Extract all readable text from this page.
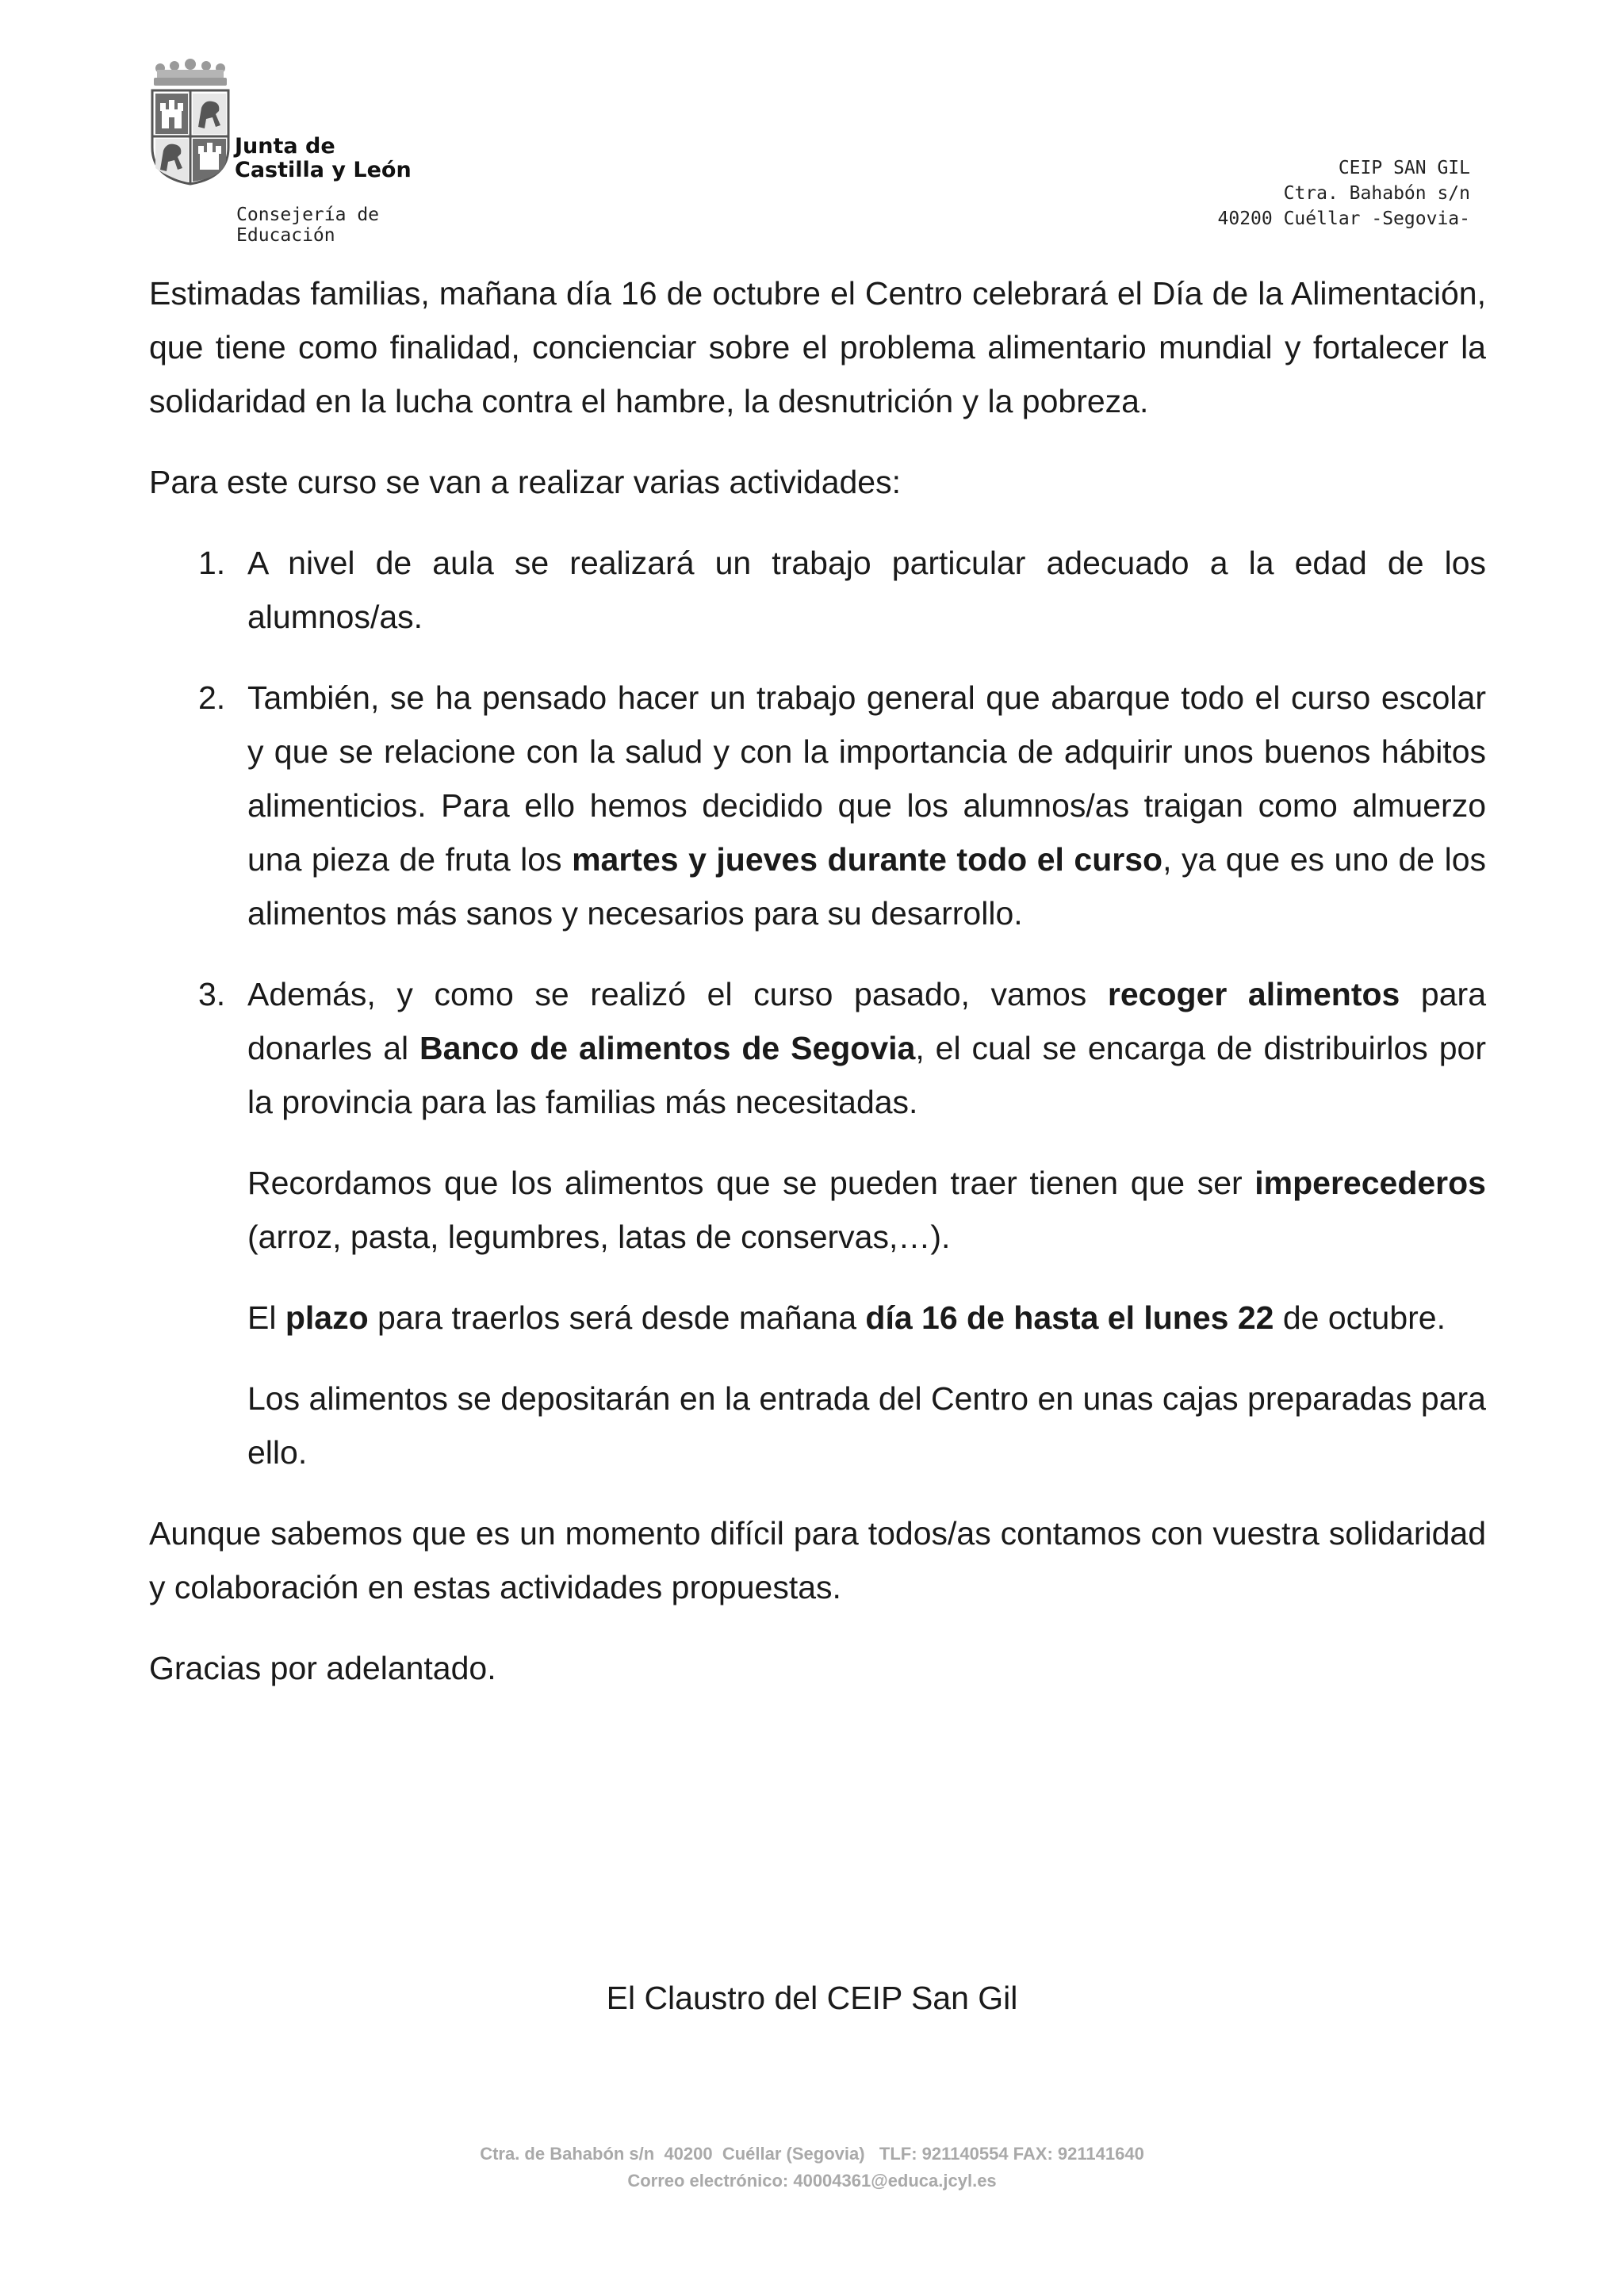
Junta de
Castilla y León
Consejería de Educación
CEIP SAN GIL
Ctra. Bahabón s/n
40200 Cuéllar -Segovia-

Estimadas familias, mañana día 16 de octubre el Centro celebrará el Día de la Alimentación, que tiene como finalidad, concienciar sobre el problema alimentario mundial y fortalecer la solidaridad en la lucha contra el hambre, la desnutrición y la pobreza.

Para este curso se van a realizar varias actividades:

1. A nivel de aula se realizará un trabajo particular adecuado a la edad de los alumnos/as.

2. También, se ha pensado hacer un trabajo general que abarque todo el curso escolar y que se relacione con la salud y con la importancia de adquirir unos buenos hábitos alimenticios. Para ello hemos decidido que los alumnos/as traigan como almuerzo una pieza de fruta los martes y jueves durante todo el curso, ya que es uno de los alimentos más sanos y necesarios para su desarrollo.

3. Además, y como se realizó el curso pasado, vamos recoger alimentos para donarles al Banco de alimentos de Segovia, el cual se encarga de distribuirlos por la provincia para las familias más necesitadas.

Recordamos que los alimentos que se pueden traer tienen que ser imperecederos (arroz, pasta, legumbres, latas de conservas,…).

El plazo para traerlos será desde mañana día 16 de hasta el lunes 22 de octubre.

Los alimentos se depositarán en la entrada del Centro en unas cajas preparadas para ello.

Aunque sabemos que es un momento difícil para todos/as contamos con vuestra solidaridad y colaboración en estas actividades propuestas.

Gracias por adelantado.

El Claustro del CEIP San Gil
Ctra. de Bahabón s/n  40200  Cuéllar (Segovia)   TLF: 921140554 FAX: 921141640
Correo electrónico: 40004361@educa.jcyl.es
